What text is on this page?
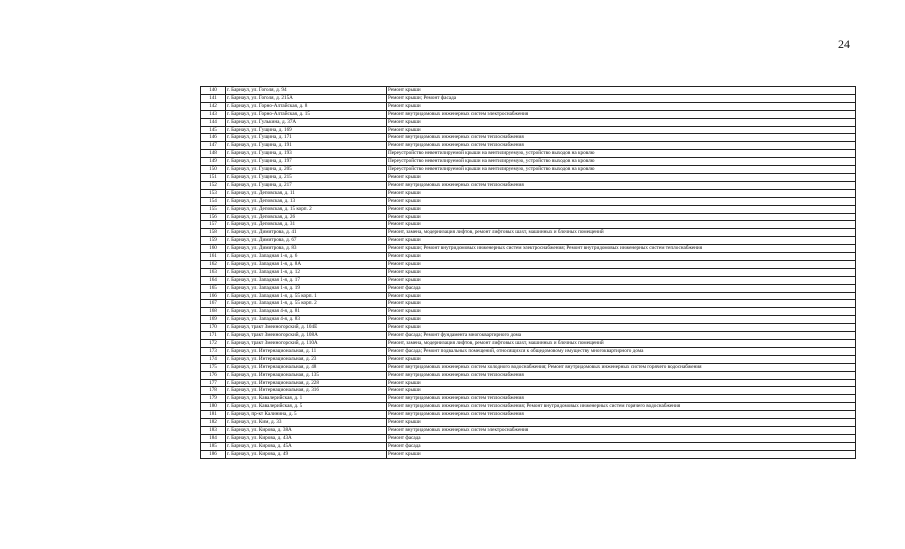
24
140	г. Барнаул, ул. Гоголя, д. 94	Ремонт крыши
141	г. Барнаул, ул. Гоголя, д. 215А	Ремонт крыши; Ремонт фасада
142	г. Барнаул, ул. Горно-Алтайская, д. 8	Ремонт крыши
143	г. Барнаул, ул. Горно-Алтайская, д. 15	Ремонт внутридомовых инженерных систем электроснабжения
144	г. Барнаул, ул. Гулькина, д. 37А	Ремонт крыши
145	г. Барнаул, ул. Гущина, д. 169	Ремонт крыши
146	г. Барнаул, ул. Гущина, д. 171	Ремонт внутридомовых инженерных систем теплоснабжения
147	г. Барнаул, ул. Гущина, д. 191	Ремонт внутридомовых инженерных систем теплоснабжения
148	г. Барнаул, ул. Гущина, д. 193	Переустройство невентилируемой крыши на вентилируемую, устройство выходов на кровлю
149	г. Барнаул, ул. Гущина, д. 197	Переустройство невентилируемой крыши на вентилируемую, устройство выходов на кровлю
150	г. Барнаул, ул. Гущина, д. 205	Переустройство невентилируемой крыши на вентилируемую, устройство выходов на кровлю
151	г. Барнаул, ул. Гущина, д. 215	Ремонт крыши
152	г. Барнаул, ул. Гущина, д. 217	Ремонт внутридомовых инженерных систем теплоснабжения
153	г. Барнаул, ул. Деповская, д. 11	Ремонт крыши
154	г. Барнаул, ул. Деповская, д. 13	Ремонт крыши
155	г. Барнаул, ул. Деповская, д. 15 корп. 2	Ремонт крыши
156	г. Барнаул, ул. Деповская, д. 26	Ремонт крыши
157	г. Барнаул, ул. Деповская, д. 31	Ремонт крыши
158	г. Барнаул, ул. Димитрова, д. 41	Ремонт, замена, модернизация лифтов, ремонт лифтовых шахт, машинных и блочных помещений
159	г. Барнаул, ул. Димитрова, д. 67	Ремонт крыши
160	г. Барнаул, ул. Димитрова, д. 83	Ремонт крыши; Ремонт внутридомовых инженерных систем электроснабжения; Ремонт внутридомовых инженерных систем теплоснабжения
161	г. Барнаул, ул. Западная 1-я, д. 6	Ремонт крыши
162	г. Барнаул, ул. Западная 1-я, д. 8А	Ремонт крыши
163	г. Барнаул, ул. Западная 1-я, д. 12	Ремонт крыши
164	г. Барнаул, ул. Западная 1-я, д. 17	Ремонт крыши
165	г. Барнаул, ул. Западная 1-я, д. 19	Ремонт фасада
166	г. Барнаул, ул. Западная 1-я, д. 55 корп. 1	Ремонт крыши
167	г. Барнаул, ул. Западная 1-я, д. 55 корп. 2	Ремонт крыши
168	г. Барнаул, ул. Западная 4-я, д. 81	Ремонт крыши
169	г. Барнаул, ул. Западная 4-я, д. 83	Ремонт крыши
170	г. Барнаул, тракт Змеиногорский, д. 104Е	Ремонт крыши
171	г. Барнаул, тракт Змеиногорский, д. 108А	Ремонт фасада; Ремонт фундамента многоквартирного дома
172	г. Барнаул, тракт Змеиногорский, д. 110А	Ремонт, замена, модернизация лифтов, ремонт лифтовых шахт, машинных и блочных помещений
173	г. Барнаул, ул. Интернациональная, д. 11	Ремонт фасада; Ремонт подвальных помещений, относящихся к общедомовому имуществу многоквартирного дома
174	г. Барнаул, ул. Интернациональная, д. 23	Ремонт крыши
175	г. Барнаул, ул. Интернациональная, д. 48	Ремонт внутридомовых инженерных систем холодного водоснабжения; Ремонт внутридомовых инженерных систем горячего водоснабжения
176	г. Барнаул, ул. Интернациональная, д. 135	Ремонт внутридомовых инженерных систем теплоснабжения
177	г. Барнаул, ул. Интернациональная, д. 228	Ремонт крыши
178	г. Барнаул, ул. Интернациональная, д. 316	Ремонт крыши
179	г. Барнаул, ул. Кавалерийская, д. 1	Ремонт внутридомовых инженерных систем теплоснабжения
180	г. Барнаул, ул. Кавалерийская, д. 5	Ремонт внутридомовых инженерных систем теплоснабжения; Ремонт внутридомовых инженерных систем горячего водоснабжения
181	г. Барнаул, пр-кт Калинина, д. 5	Ремонт внутридомовых инженерных систем теплоснабжения
182	г. Барнаул, ул. Ким, д. 33	Ремонт крыши
183	г. Барнаул, ул. Кирова, д. 38А	Ремонт внутридомовых инженерных систем электроснабжения
184	г. Барнаул, ул. Кирова, д. 43А	Ремонт фасада
185	г. Барнаул, ул. Кирова, д. 45А	Ремонт фасада
186	г. Барнаул, ул. Кирова, д. 49	Ремонт крыши
